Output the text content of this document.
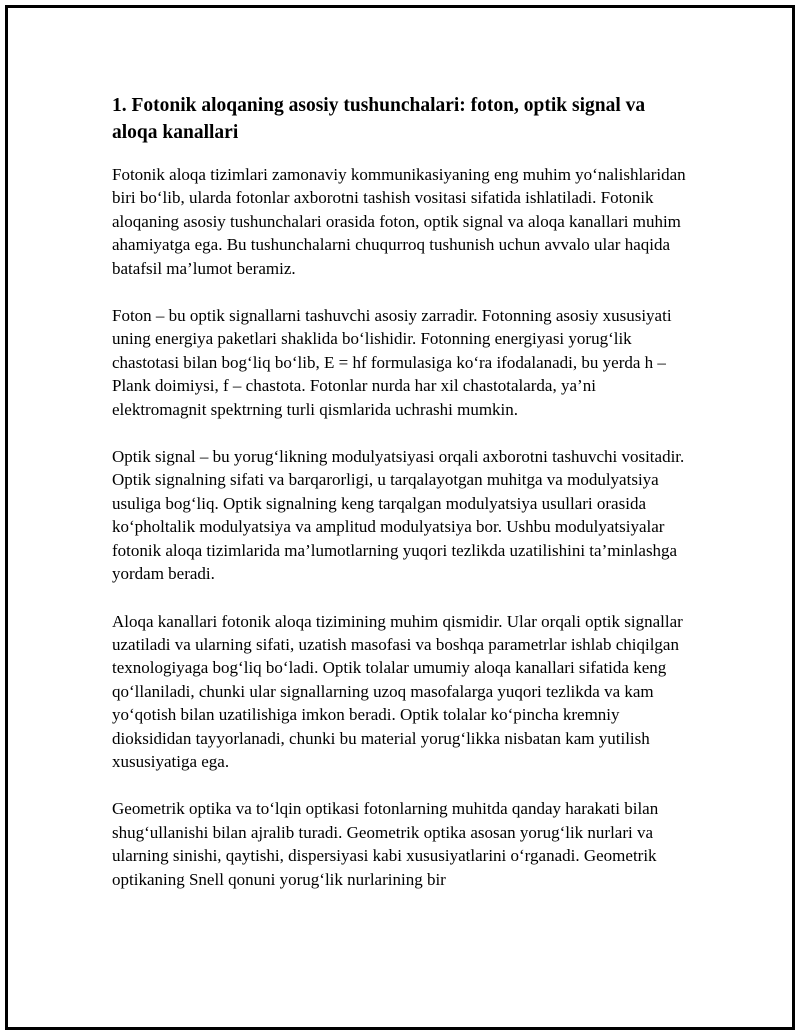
1. Fotonik aloqaning asosiy tushunchalari: foton, optik signal va aloqa kanallari

Fotonik aloqa tizimlari zamonaviy kommunikasiyaning eng muhim yo‘nalishlaridan biri bo‘lib, ularda fotonlar axborotni tashish vositasi sifatida ishlatiladi. Fotonik aloqaning asosiy tushunchalari orasida foton, optik signal va aloqa kanallari muhim ahamiyatga ega. Bu tushunchalarni chuqurroq tushunish uchun avvalo ular haqida batafsil ma’lumot beramiz.

Foton – bu optik signallarni tashuvchi asosiy zarradir. Fotonning asosiy xususiyati uning energiya paketlari shaklida bo‘lishidir. Fotonning energiyasi yorug‘lik chastotasi bilan bog‘liq bo‘lib, E = hf formulasiga ko‘ra ifodalanadi, bu yerda h – Plank doimiysi, f – chastota. Fotonlar nurda har xil chastotalarda, ya’ni elektromagnit spektrning turli qismlarida uchrashi mumkin.

Optik signal – bu yorug‘likning modulyatsiyasi orqali axborotni tashuvchi vositadir. Optik signalning sifati va barqarorligi, u tarqalayotgan muhitga va modulyatsiya usuliga bog‘liq. Optik signalning keng tarqalgan modulyatsiya usullari orasida ko‘pholtalik modulyatsiya va amplitud modulyatsiya bor. Ushbu modulyatsiyalar fotonik aloqa tizimlarida ma’lumotlarning yuqori tezlikda uzatilishini ta’minlashga yordam beradi.

Aloqa kanallari fotonik aloqa tizimining muhim qismidir. Ular orqali optik signallar uzatiladi va ularning sifati, uzatish masofasi va boshqa parametrlar ishlab chiqilgan texnologiyaga bog‘liq bo‘ladi. Optik tolalar umumiy aloqa kanallari sifatida keng qo‘llaniladi, chunki ular signallarning uzoq masofalarga yuqori tezlikda va kam yo‘qotish bilan uzatilishiga imkon beradi. Optik tolalar ko‘pincha kremniy dioksididan tayyorlanadi, chunki bu material yorug‘likka nisbatan kam yutilish xususiyatiga ega.

Geometrik optika va to‘lqin optikasi fotonlarning muhitda qanday harakati bilan shug‘ullanishi bilan ajralib turadi. Geometrik optika asosan yorug‘lik nurlari va ularning sinishi, qaytishi, dispersiyasi kabi xususiyatlarini o‘rganadi. Geometrik optikaning Snell qonuni yorug‘lik nurlarining bir
